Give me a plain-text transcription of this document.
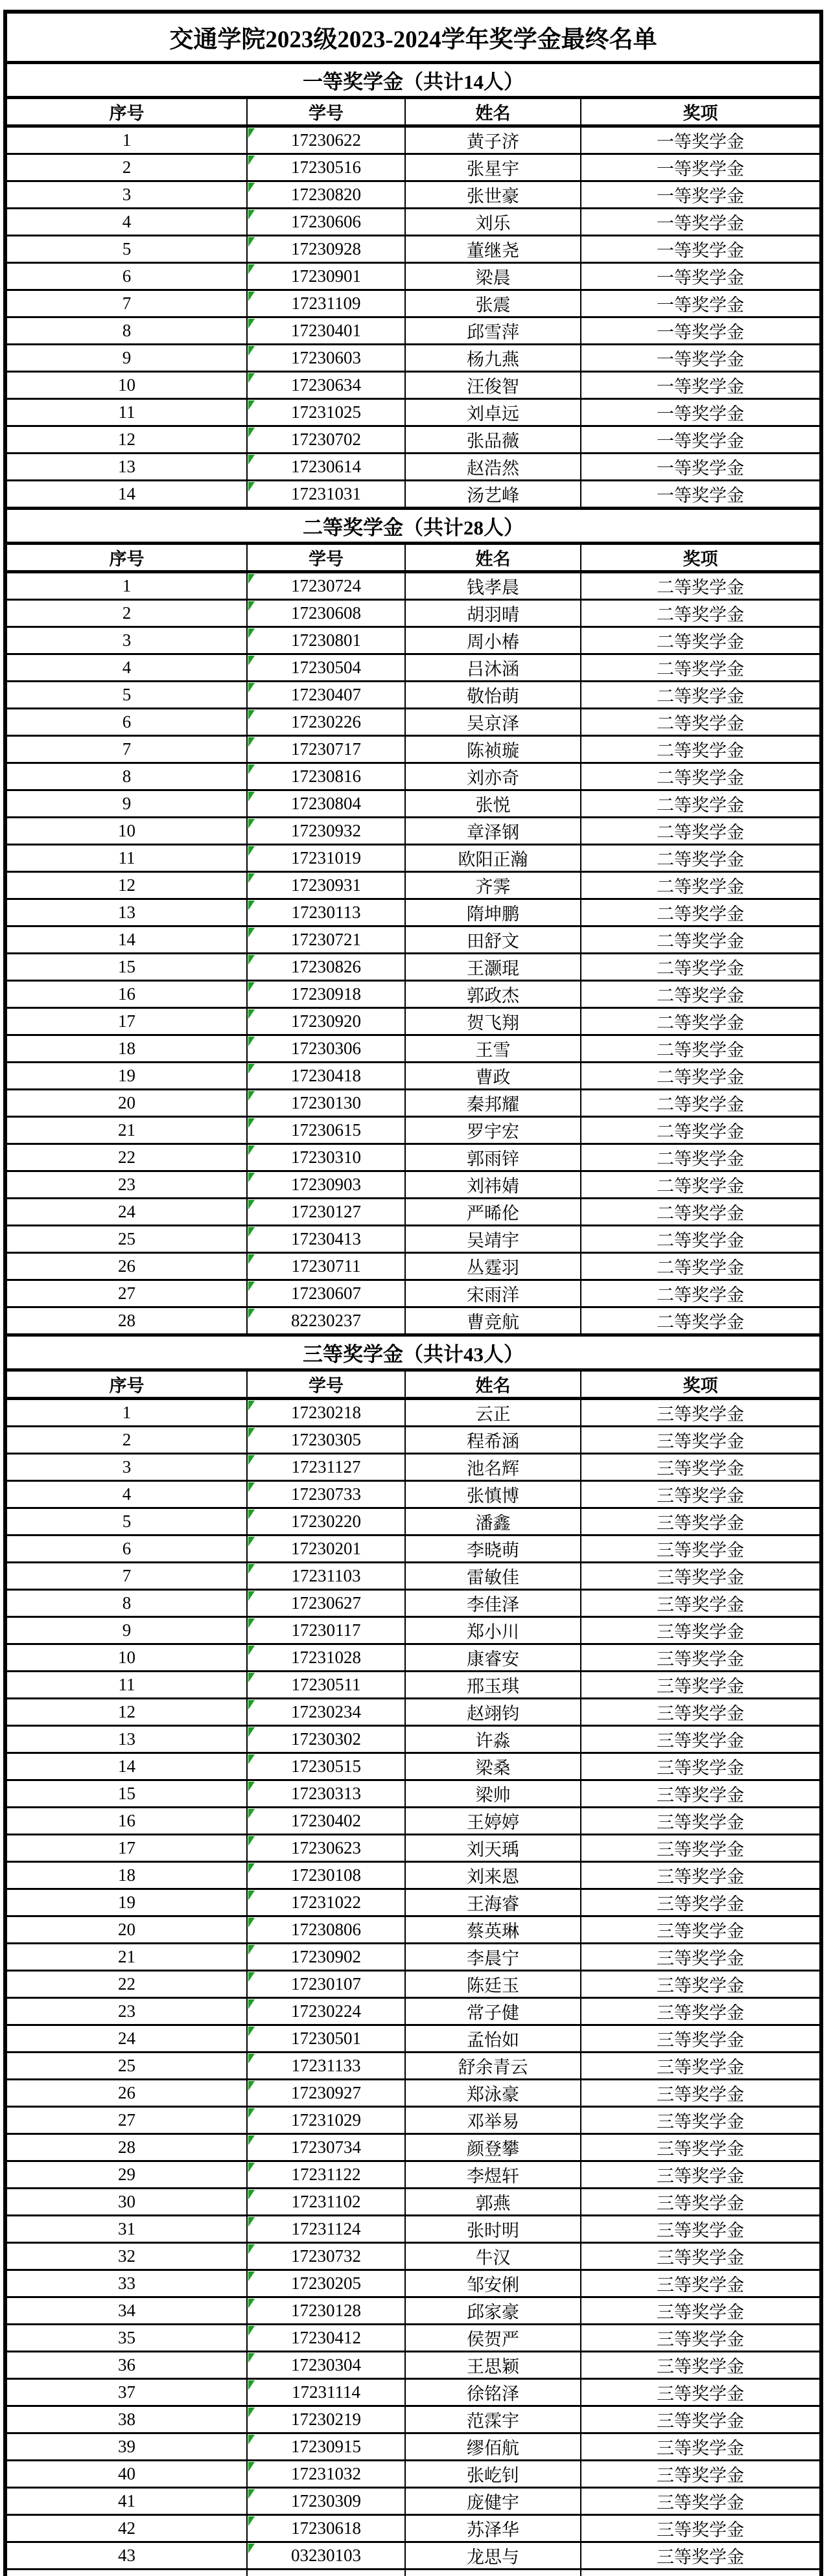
交通学院2023级2023-2024学年奖学金最终名单			
一等奖学金（共计14人）			
序号	学号	姓名	奖项
1	17230622	黄子济	一等奖学金
2	17230516	张星宇	一等奖学金
3	17230820	张世豪	一等奖学金
4	17230606	刘乐	一等奖学金
5	17230928	董继尧	一等奖学金
6	17230901	梁晨	一等奖学金
7	17231109	张震	一等奖学金
8	17230401	邱雪萍	一等奖学金
9	17230603	杨九燕	一等奖学金
10	17230634	汪俊智	一等奖学金
11	17231025	刘卓远	一等奖学金
12	17230702	张品薇	一等奖学金
13	17230614	赵浩然	一等奖学金
14	17231031	汤艺峰	一等奖学金
二等奖学金（共计28人）			
序号	学号	姓名	奖项
1	17230724	钱孝晨	二等奖学金
2	17230608	胡羽晴	二等奖学金
3	17230801	周小椿	二等奖学金
4	17230504	吕沐涵	二等奖学金
5	17230407	敬怡萌	二等奖学金
6	17230226	吴京泽	二等奖学金
7	17230717	陈祯璇	二等奖学金
8	17230816	刘亦奇	二等奖学金
9	17230804	张悦	二等奖学金
10	17230932	章泽钢	二等奖学金
11	17231019	欧阳正瀚	二等奖学金
12	17230931	齐霁	二等奖学金
13	17230113	隋坤鹏	二等奖学金
14	17230721	田舒文	二等奖学金
15	17230826	王灏琨	二等奖学金
16	17230918	郭政杰	二等奖学金
17	17230920	贺飞翔	二等奖学金
18	17230306	王雪	二等奖学金
19	17230418	曹政	二等奖学金
20	17230130	秦邦耀	二等奖学金
21	17230615	罗宇宏	二等奖学金
22	17230310	郭雨锌	二等奖学金
23	17230903	刘祎婧	二等奖学金
24	17230127	严晞伦	二等奖学金
25	17230413	吴靖宇	二等奖学金
26	17230711	丛霆羽	二等奖学金
27	17230607	宋雨洋	二等奖学金
28	82230237	曹竞航	二等奖学金
三等奖学金（共计43人）			
序号	学号	姓名	奖项
1	17230218	云正	三等奖学金
2	17230305	程希涵	三等奖学金
3	17231127	池名辉	三等奖学金
4	17230733	张慎博	三等奖学金
5	17230220	潘鑫	三等奖学金
6	17230201	李晓萌	三等奖学金
7	17231103	雷敏佳	三等奖学金
8	17230627	李佳泽	三等奖学金
9	17230117	郑小川	三等奖学金
10	17231028	康睿安	三等奖学金
11	17230511	邢玉琪	三等奖学金
12	17230234	赵翊钧	三等奖学金
13	17230302	许淼	三等奖学金
14	17230515	梁桑	三等奖学金
15	17230313	梁帅	三等奖学金
16	17230402	王婷婷	三等奖学金
17	17230623	刘天瑀	三等奖学金
18	17230108	刘来恩	三等奖学金
19	17231022	王海睿	三等奖学金
20	17230806	蔡英琳	三等奖学金
21	17230902	李晨宁	三等奖学金
22	17230107	陈廷玉	三等奖学金
23	17230224	常子健	三等奖学金
24	17230501	孟怡如	三等奖学金
25	17231133	舒余青云	三等奖学金
26	17230927	郑泳豪	三等奖学金
27	17231029	邓举易	三等奖学金
28	17230734	颜登攀	三等奖学金
29	17231122	李煜轩	三等奖学金
30	17231102	郭燕	三等奖学金
31	17231124	张时明	三等奖学金
32	17230732	牛汉	三等奖学金
33	17230205	邹安俐	三等奖学金
34	17230128	邱家豪	三等奖学金
35	17230412	侯贺严	三等奖学金
36	17230304	王思颖	三等奖学金
37	17231114	徐铭泽	三等奖学金
38	17230219	范霂宇	三等奖学金
39	17230915	缪佰航	三等奖学金
40	17231032	张屹钊	三等奖学金
41	17230309	庞健宇	三等奖学金
42	17230618	苏泽华	三等奖学金
43	03230103	龙思与	三等奖学金
